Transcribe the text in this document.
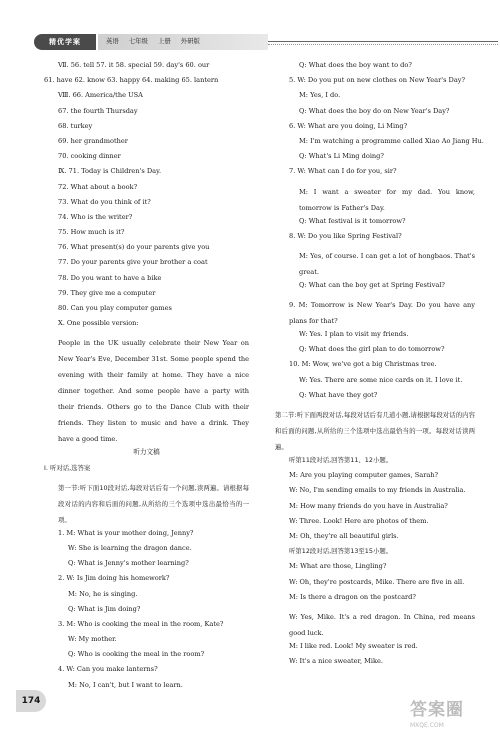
精优学案	英语 七年级 上册 外研版
Ⅶ. 56. tell 57. it 58. special 59. day's 60. our
61. have 62. know 63. happy 64. making 65. lantern
Ⅷ. 66. America/the USA
67. the fourth Thursday
68. turkey
69. her grandmother
70. cooking dinner
Ⅸ. 71. Today is Children's Day.
72. What about a book?
73. What do you think of it?
74. Who is the writer?
75. How much is it?
76. What present(s) do your parents give you
77. Do your parents give your brother a coat
78. Do you want to have a bike
79. They give me a computer
80. Can you play computer games
Ⅹ. One possible version:
People in the UK usually celebrate their New Year on New Year's Eve, December 31st. Some people spend the evening with their family at home. They have a nice dinner together. And some people have a party with their friends. Others go to the Dance Club with their friends. They listen to music and have a drink. They have a good time.
听力文稿
Ⅰ. 听对话,选答案
第一节:听下面10段对话,每段对话后有一个问题,读两遍。请根据每段对话的内容和后面的问题,从所给的三个选项中选出最恰当的一项。
1. M: What is your mother doing, Jenny?
W: She is learning the dragon dance.
Q: What is Jenny's mother learning?
2. W: Is Jim doing his homework?
M: No, he is singing.
Q: What is Jim doing?
3. M: Who is cooking the meal in the room, Kate?
W: My mother.
Q: Who is cooking the meal in the room?
4. W: Can you make lanterns?
M: No, I can't, but I want to learn.
Q: What does the boy want to do?
5. W: Do you put on new clothes on New Year's Day?
M: Yes, I do.
Q: What does the boy do on New Year's Day?
6. W: What are you doing, Li Ming?
M: I'm watching a programme called Xiao Ao Jiang Hu.
Q: What's Li Ming doing?
7. W: What can I do for you, sir?
M: I want a sweater for my dad. You know, tomorrow is Father's Day.
Q: What festival is it tomorrow?
8. W: Do you like Spring Festival?
M: Yes, of course. I can get a lot of hongbaos. That's great.
Q: What can the boy get at Spring Festival?
9. M: Tomorrow is New Year's Day. Do you have any plans for that?
W: Yes. I plan to visit my friends.
Q: What does the girl plan to do tomorrow?
10. M: Wow, we've got a big Christmas tree.
W: Yes. There are some nice cards on it. I love it.
Q: What have they got?
第二节:听下面两段对话,每段对话后有几道小题,请根据每段对话的内容和后面的问题,从所给的三个选项中选出最恰当的一项。每段对话读两遍。
听第11段对话,回答第11、12小题。
M: Are you playing computer games, Sarah?
W: No, I'm sending emails to my friends in Australia.
M: How many friends do you have in Australia?
W: Three. Look! Here are photos of them.
M: Oh, they're all beautiful girls.
听第12段对话,回答第13至15小题。
M: What are those, Lingling?
W: Oh, they're postcards, Mike. There are five in all.
M: Is there a dragon on the postcard?
W: Yes, Mike. It's a red dragon. In China, red means good luck.
M: I like red. Look! My sweater is red.
W: It's a nice sweater, Mike.
174	答案圈
MXQE.COM
